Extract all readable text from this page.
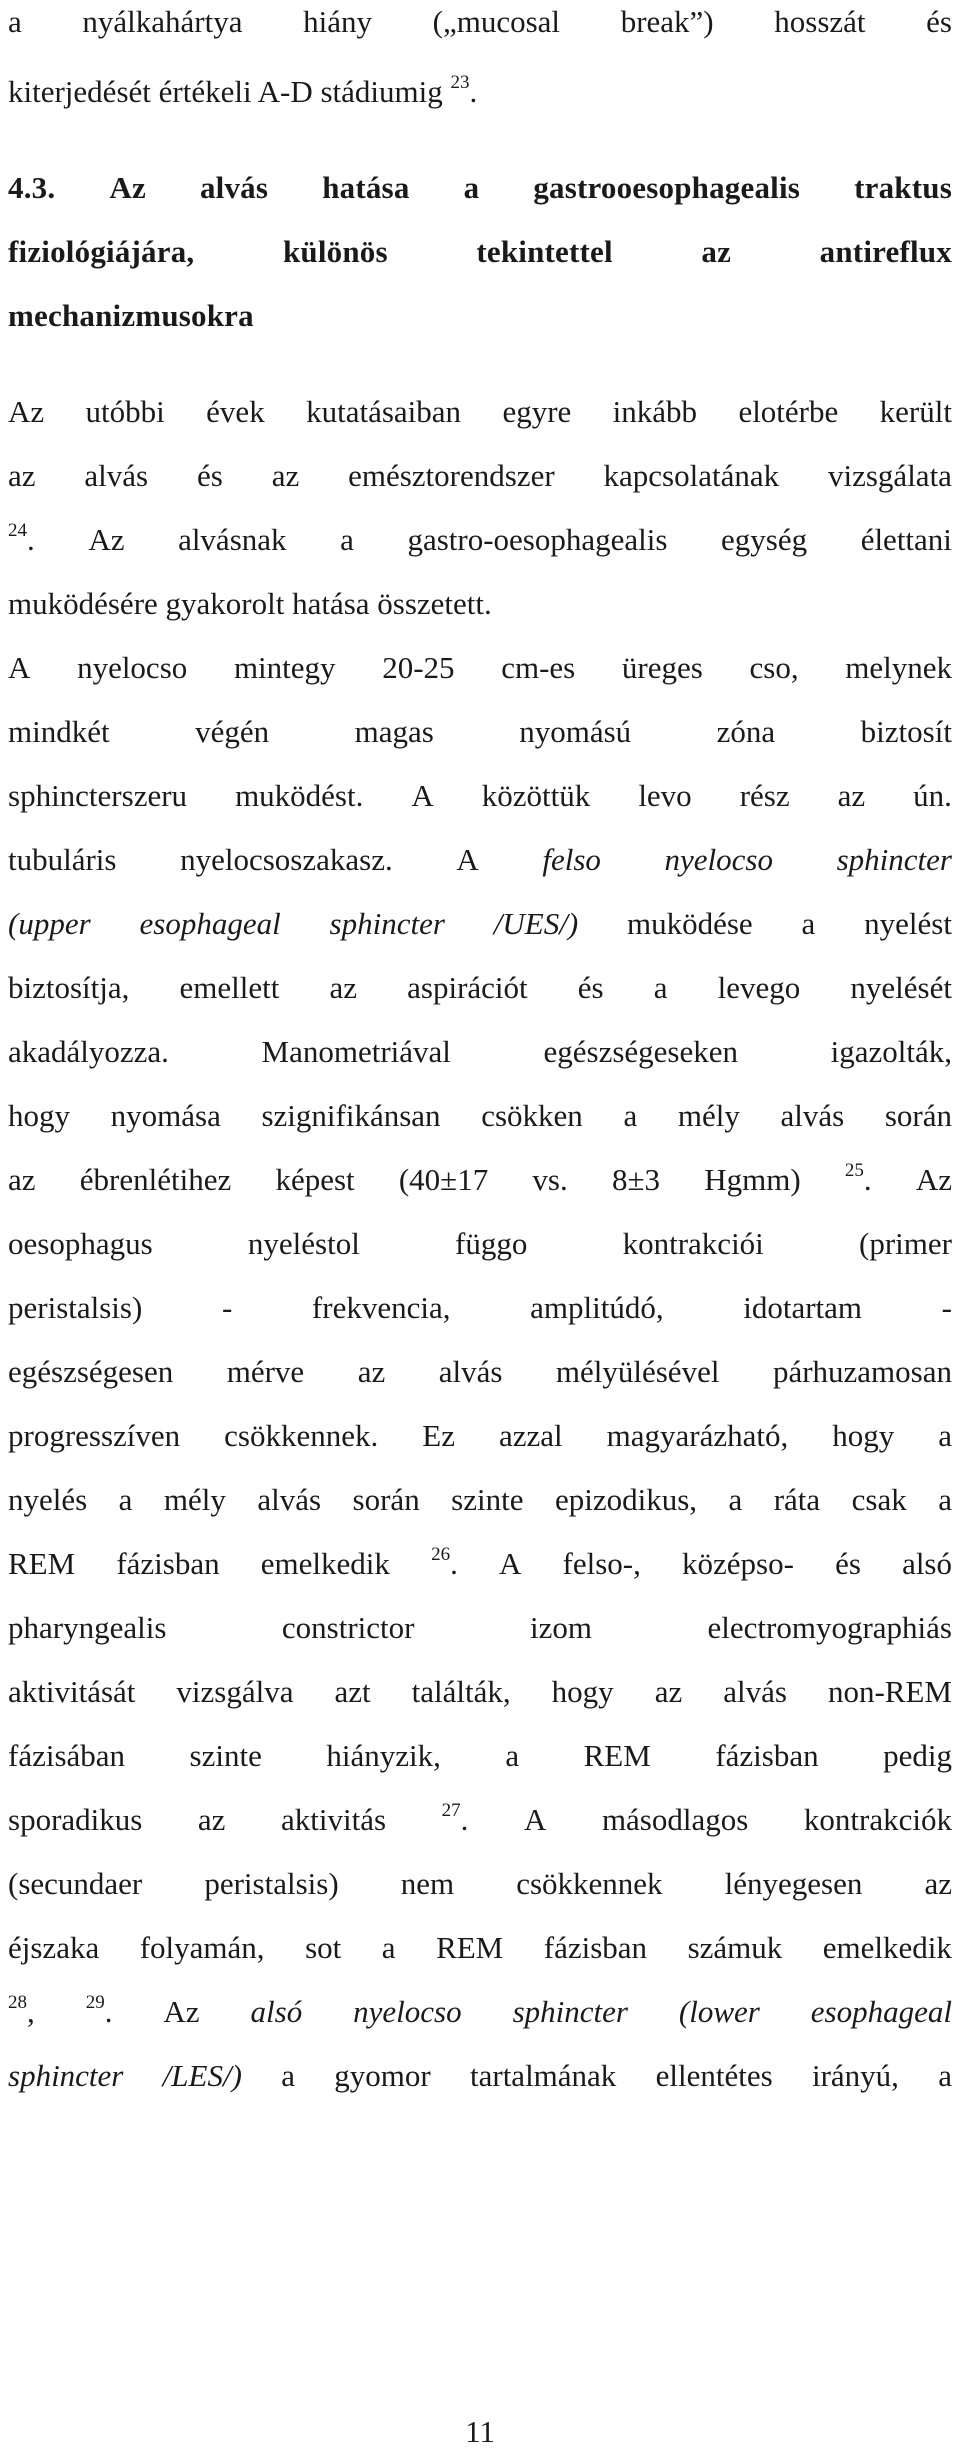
a nyálkahártya hiány („mucosal break”) hosszát és
kiterjedését értékeli A-D stádiumig $^{23}$.
4.3. Az alvás hatása a gastrooesophagealis traktus
fiziológiájára,	különös	tekintettel	az	antireflux
mechanizmusokra
Az utóbbi évek kutatásaiban egyre inkább elotérbe került
az alvás és az emésztorendszer kapcsolatának vizsgálata
$^{24}$. Az alvásnak a gastro-oesophagealis egység élettani
muködésére gyakorolt hatása összetett.
A nyelocso mintegy 20-25 cm-es üreges cso, melynek
mindkét	végén	magas	nyomású	zóna	biztosít
sphincterszeru muködést. A közöttük levo rész az ún.
tubuláris nyelocsoszakasz. A felso nyelocso sphincter
(upper esophageal sphincter /UES/) muködése a nyelést
biztosítja, emellett az aspirációt és a levego nyelését
akadályozza.	Manometriával	egészségeseken	igazolták,
hogy nyomása szignifikánsan csökken a mély alvás során
az ébrenlétihez képest (40±17 vs. 8±3 Hgmm) $^{25}$. Az
oesophagus	nyeléstol	függo	kontrakciói	(primer
peristalsis)	-	frekvencia,	amplitúdó,	idotartam	-
egészségesen mérve az alvás mélyülésével párhuzamosan
progresszíven csökkennek. Ez azzal magyarázható, hogy a
nyelés a mély alvás során szinte epizodikus, a ráta csak a
REM fázisban emelkedik $^{26}$. A felso-, középso- és alsó
pharyngealis	constrictor	izom	electromyographiás
aktivitását vizsgálva azt találták, hogy az alvás non-REM
fázisában szinte hiányzik, a REM fázisban pedig
sporadikus az aktivitás	$^{27}$. A másodlagos kontrakciók
(secundaer peristalsis) nem csökkennek lényegesen az
éjszaka folyamán, sot a REM fázisban számuk emelkedik
$^{28}$,	$^{29}$. Az alsó nyelocso sphincter (lower esophageal
sphincter /LES/) a gyomor tartalmának ellentétes irányú, a
11
